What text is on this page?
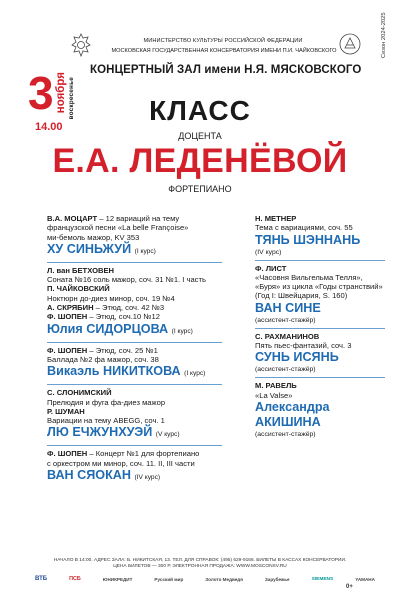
МИНИСТЕРСТВО КУЛЬТУРЫ РОССИЙСКОЙ ФЕДЕРАЦИИ
МОСКОВСКАЯ ГОСУДАРСТВЕННАЯ КОНСЕРВАТОРИЯ ИМЕНИ П.И. ЧАЙКОВСКОГО	Сезон 2024-2025
КОНЦЕРТНЫЙ ЗАЛ имени Н.Я. МЯСКОВСКОГО
3 ноября воскресенье
14.00
КЛАСС
ДОЦЕНТА
Е.А. ЛЕДЕНЁВОЙ
ФОРТЕПИАНО
В.А. МОЦАРТ – 12 вариаций на тему
французской песни «La belle Françoise»
ми-бемоль мажор, KV 353
ХУ СИНЬЖУЙ (I курс)
Л. ван БЕТХОВЕН
Соната №16 соль мажор, соч. 31 №1. I часть
П. ЧАЙКОВСКИЙ
Ноктюрн до-диез минор, соч. 19 №4
А. СКРЯБИН – Этюд, соч. 42 №3
Ф. ШОПЕН – Этюд, соч.10 №12
Юлия СИДОРЦОВА (I курс)
Ф. ШОПЕН – Этюд, соч. 25 №1
Баллада №2 фа мажор, соч. 38
Викаэль НИКИТКОВА (I курс)
С. СЛОНИМСКИЙ
Прелюдия и фуга фа-диез мажор
Р. ШУМАН
Вариации на тему ABEGG, соч. 1
ЛЮ ЕЧЖУНХУЭЙ (V курс)
Ф. ШОПЕН – Концерт №1 для фортепиано
с оркестром ми минор, соч. 11. II, III части
ВАН СЯОКАН (IV курс)
Н. МЕТНЕР
Тема с вариациями, соч. 55
ТЯНЬ ШЭННАНЬ
(IV курс)
Ф. ЛИСТ
«Часовня Вильгельма Телля»,
«Буря» из цикла «Годы странствий»
(Год I: Швейцария, S. 160)
ВАН СИНЕ
(ассистент-стажёр)
С. РАХМАНИНОВ
Пять пьес-фантазий, соч. 3
СУНЬ ИСЯНЬ
(ассистент-стажёр)
М. РАВЕЛЬ
«La Valse»
Александра
АКИШИНА
(ассистент-стажёр)
НАЧАЛО В 14:00. АДРЕС ЗАЛА: Б. НИКИТСКАЯ, 13. ТЕЛ. ДЛЯ СПРАВОК: (495) 629-9166. БИЛЕТЫ В КАССАХ КОНСЕРВАТОРИИ.
ЦЕНА БИЛЕТОВ — 300 Р. ЭЛЕКТРОННАЯ ПРОДАЖА: WWW.MOSCONSV.RU
ВТБ	ПСБ	ЮНИКРЕДИТ	Русский мир	Золото Медведя	Зарубежье	SIEMENS	YAMAHA
0+
